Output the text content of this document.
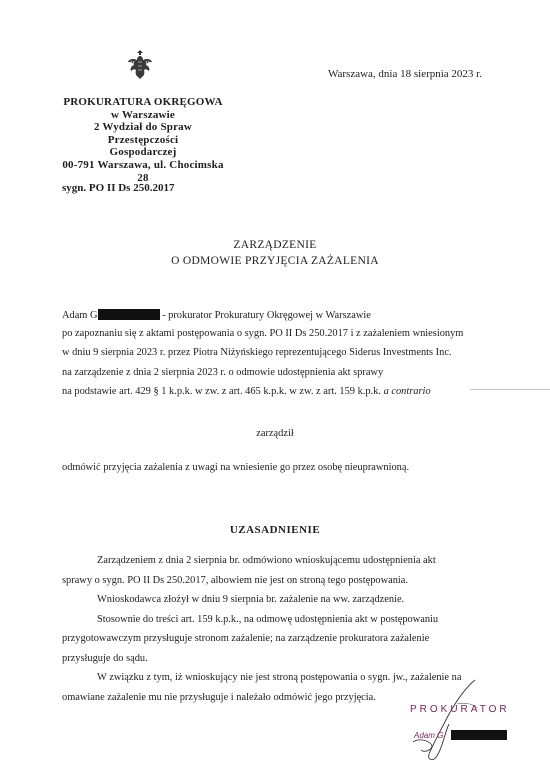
Warszawa, dnia 18 sierpnia 2023 r.
PROKURATURA OKRĘGOWA
w Warszawie
2 Wydział do Spraw Przestępczości
Gospodarczej
00-791 Warszawa, ul. Chocimska 28
sygn. PO II Ds 250.2017
ZARZĄDZENIE
O ODMOWIE PRZYJĘCIA ZAŻALENIA
Adam G	- prokurator Prokuratury Okręgowej w Warszawie
po zapoznaniu się z aktami postępowania o sygn. PO II Ds 250.2017 i z zażaleniem wniesionym
w dniu 9 sierpnia 2023 r. przez Piotra Niżyńskiego reprezentującego Siderus Investments Inc.
na zarządzenie z dnia 2 sierpnia 2023 r. o odmowie udostępnienia akt sprawy
na podstawie art. 429 § 1 k.p.k. w zw. z art. 465 k.p.k. w zw. z art. 159 k.p.k. a contrario
zarządził
odmówić przyjęcia zażalenia z uwagi na wniesienie go przez osobę nieuprawnioną.
UZASADNIENIE
Zarządzeniem z dnia 2 sierpnia br. odmówiono wnioskującemu udostępnienia akt
sprawy o sygn. PO II Ds 250.2017, albowiem nie jest on stroną tego postępowania.
Wnioskodawca złożył w dniu 9 sierpnia br. zażalenie na ww. zarządzenie.
Stosownie do treści art. 159 k.p.k., na odmowę udostępnienia akt w postępowaniu
przygotowawczym przysługuje stronom zażalenie; na zarządzenie prokuratora zażalenie
przysługuje do sądu.
W związku z tym, iż wnioskujący nie jest stroną postępowania o sygn. jw., zażalenie na
omawiane zażalenie mu nie przysługuje i należało odmówić jego przyjęcia.
PROKURATOR
Adam G
